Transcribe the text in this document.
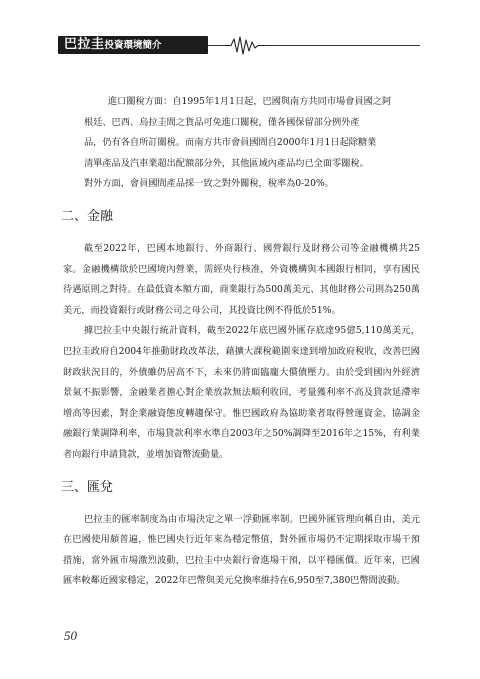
巴拉圭投資環境簡介

進口關稅方面：自1995年1月1日起，巴國與南方共同市場會員國之阿

根廷、巴西、烏拉圭間之貨品可免進口關稅，僅各國保留部分例外產

品，仍有各自所訂關稅。而南方共市會員國間自2000年1月1日起除糖業

清單產品及汽車業超出配額部分外，其他區域內產品均已全面零關稅。

對外方面，會員國間產品採一致之對外關稅，稅率為0-20%。

二、金融

截至2022年，巴國本地銀行、外商銀行、國營銀行及財務公司等金融機構共25家。金融機構欲於巴國境內營業，需經央行核准，外資機構與本國銀行相同，享有國民待遇原則之對待。在最低資本額方面，商業銀行為500萬美元、其他財務公司則為250萬美元，而投資銀行或財務公司之母公司，其投資比例不得低於51%。

據巴拉圭中央銀行統計資料，截至2022年底巴國外匯存底達95億5,110萬美元，巴拉圭政府自2004年推動財政改革法，藉擴大課稅範圍來達到增加政府稅收，改善巴國財政狀況目的，外債雖仍居高不下，未來仍將面臨龐大償債壓力。由於受到國內外經濟景氣不振影響，金融業者擔心對企業放款無法順利收回，考量獲利率不高及貸款延滯率增高等因素，對企業融資態度轉趨保守。惟巴國政府為協助業者取得營運資金，協調金融銀行業調降利率，市場貸款利率水準自2003年之50%調降至2016年之15%，有利業者向銀行申請貸款，並增加資幣流動量。

三、匯兌

巴拉圭的匯率制度為由市場決定之單一浮動匯率制。巴國外匯管理向稱自由，美元在巴國使用頗普遍，惟巴國央行近年來為穩定幣值，對外匯市場仍不定期採取市場干預措施，當外匯市場激烈波動，巴拉圭中央銀行會進場干預，以平穩匯價。近年來，巴國匯率較鄰近國家穩定，2022年巴幣與美元兌換率維持在6,950至7,380巴幣間波動。

50
